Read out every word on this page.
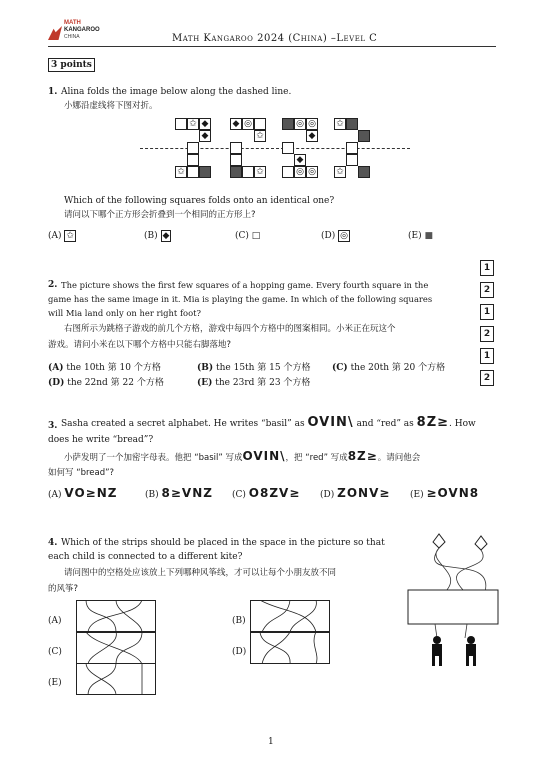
MATH
KANGAROO
CHINA	Math Kangaroo 2024 (China) –Level C
3 points
1. Alina folds the image below along the dashed line.
小娜沿虚线将下图对折。
✩ ◆
◆
✩
◆ ◎
✩
✩
◎ ◎
◆
◆
◎ ◎
✩
✩
Which of the following squares folds onto an identical one?
请问以下哪个正方形会折叠到一个相同的正方形上?
(A) ✩	(B) ◆	(C) □	(D) ◎	(E) ■
2. The picture shows the first few squares of a hopping game. Every fourth square in the
game has the same image in it. Mia is playing the game. In which of the following squares
will Mia land only on her right foot?
右图所示为跳格子游戏的前几个方格，游戏中每四个方格中的图案相同。小米正在玩这个
游戏。请问小米在以下哪个方格中只能右脚落地?
𝟭
𝟮
𝟭
𝟮
𝟭
𝟮
(A) the 10th 第 10 个方格	(B) the 15th 第 15 个方格 (C) the 20th 第 20 个方格
(D) the 22nd 第 22 个方格	(E) the 23rd 第 23 个方格
3. Sasha created a secret alphabet. He writes “basil” as OVIN\ and “red” as 8Z≥. How
does he write “bread”?
小萨发明了一个加密字母表。他把 “basil” 写成OVIN\，把 “red” 写成8Z≥。请问他会
如何写 “bread”?
(A) VO≥NZ	(B) 8≥VNZ (C) O8ZV≥ (D) ZONV≥ (E) ≥OVN8
4. Which of the strips should be placed in the space in the picture so that
each child is connected to a different kite?
请问图中的空格处应该放上下列哪种风筝线，才可以让每个小朋友放不同
的风筝?
(A)	(B)
(C)	(D)
(E)
1
